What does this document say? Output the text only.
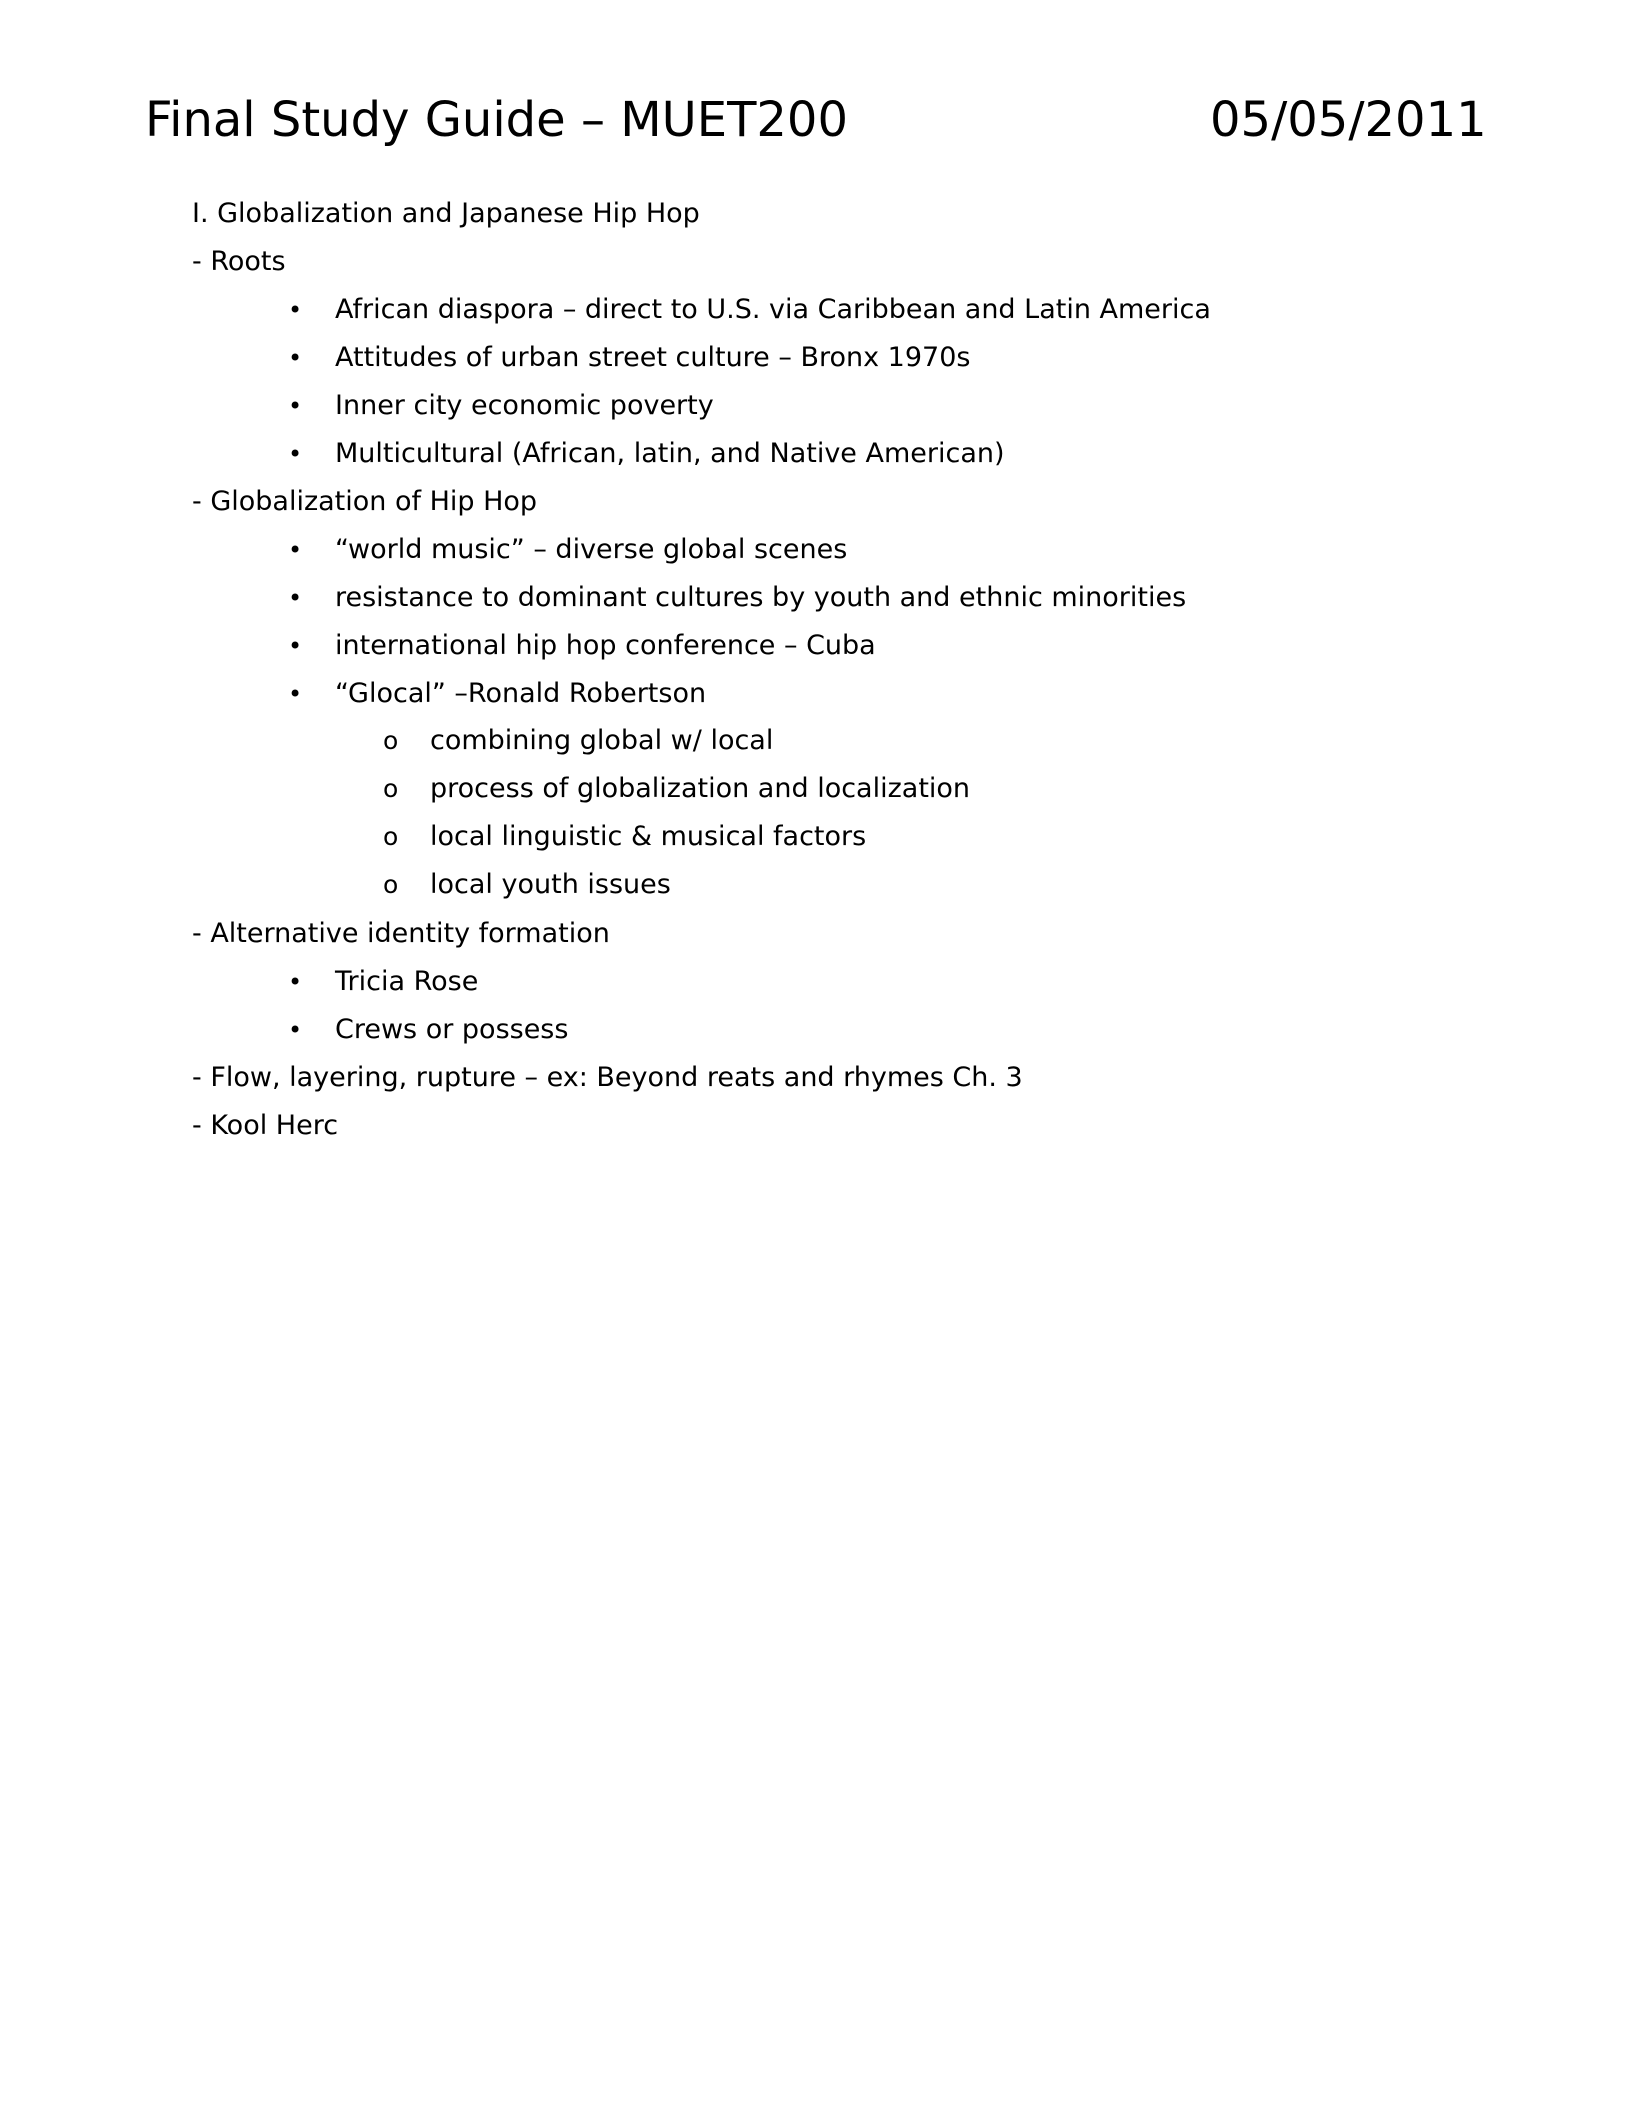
Final Study Guide – MUET200	05/05/2011
I. Globalization and Japanese Hip Hop
- Roots
• African diaspora – direct to U.S. via Caribbean and Latin America
• Attitudes of urban street culture – Bronx 1970s
• Inner city economic poverty
• Multicultural (African, latin, and Native American)
- Globalization of Hip Hop
• “world music” – diverse global scenes
• resistance to dominant cultures by youth and ethnic minorities
• international hip hop conference – Cuba
• “Glocal” –Ronald Robertson
o combining global w/ local
o process of globalization and localization
o local linguistic & musical factors
o local youth issues
- Alternative identity formation
• Tricia Rose
• Crews or possess
- Flow, layering, rupture – ex: Beyond reats and rhymes Ch. 3
- Kool Herc
